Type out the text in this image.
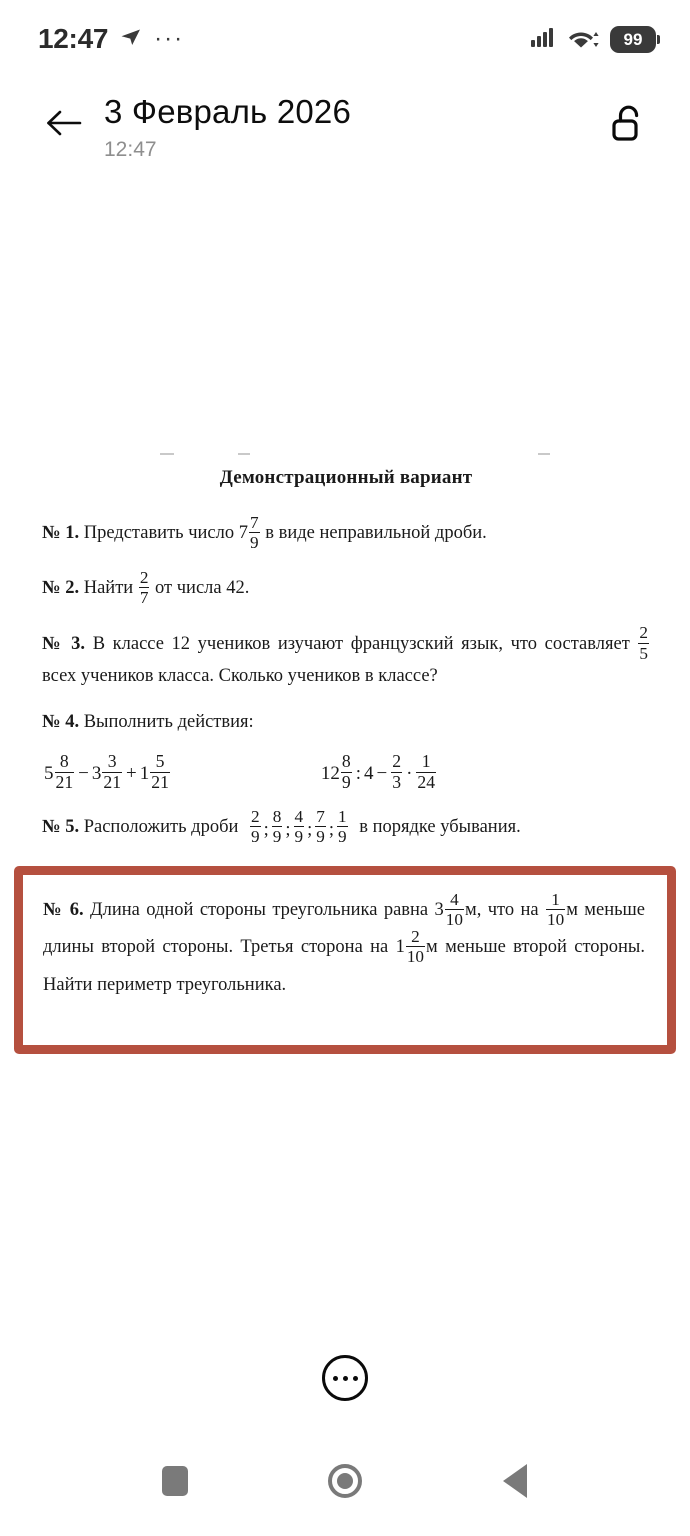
12:47 ···	99
3 Февраль 2026
12:47
Демонстрационный вариант
№ 1. Представить число $7 \frac{7}{9}$ в виде неправильной дроби.
№ 2. Найти $\frac{2}{7}$ от числа 42.
№ 3. В классе 12 учеников изучают французский язык, что составляет $\frac{2}{5}$
всех учеников класса. Сколько учеников в классе?
№ 4. Выполнить действия:
$5 \frac{8}{21} - 3 \frac{3}{21} + 1 \frac{5}{21}$	$12 \frac{8}{9}$ : $4 - \frac{2}{3} \cdot \frac{1}{24}$
№ 5. Расположить дроби $\frac{2}{9}$ ; $\frac{8}{9}$ ; $\frac{4}{9}$ ; $\frac{7}{9}$ ; $\frac{1}{9}$ в порядке убывания.
№ 6. Длина одной стороны треугольника равна $3 \frac{4}{10} м$, что на $\frac{1}{10}$ м меньше длины второй стороны. Третья сторона на $1 \frac{2}{10}$ м меньше второй стороны. Найти периметр треугольника.
